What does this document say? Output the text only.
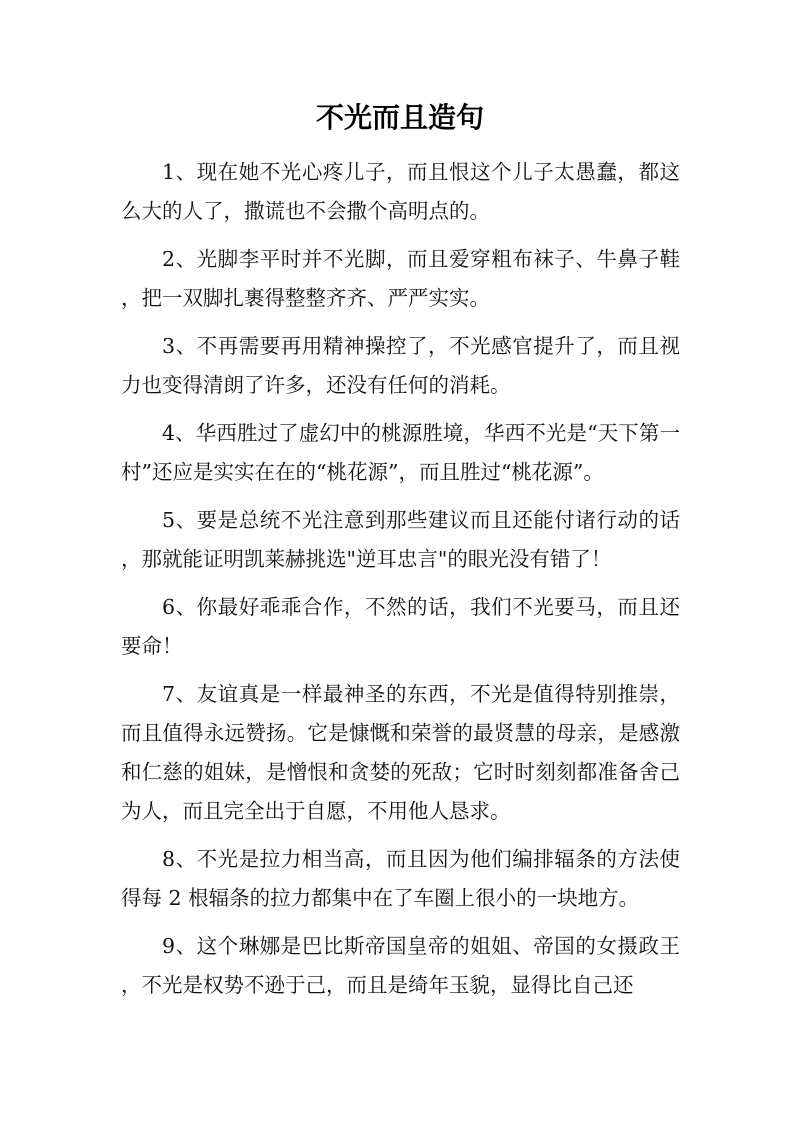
不光而且造句

1、现在她不光心疼儿子，而且恨这个儿子太愚蠢，都这么大的人了，撒谎也不会撒个高明点的。

2、光脚李平时并不光脚，而且爱穿粗布袜子、牛鼻子鞋，把一双脚扎裹得整整齐齐、严严实实。

3、不再需要再用精神操控了，不光感官提升了，而且视力也变得清朗了许多，还没有任何的消耗。

4、华西胜过了虚幻中的桃源胜境，华西不光是“天下第一村”还应是实实在在的“桃花源”，而且胜过“桃花源”。

5、要是总统不光注意到那些建议而且还能付诸行动的话，那就能证明凯莱赫挑选"逆耳忠言"的眼光没有错了！

6、你最好乖乖合作，不然的话，我们不光要马，而且还要命！

7、友谊真是一样最神圣的东西，不光是值得特别推崇，而且值得永远赞扬。它是慷慨和荣誉的最贤慧的母亲，是感激和仁慈的姐妹，是憎恨和贪婪的死敌；它时时刻刻都准备舍己为人，而且完全出于自愿，不用他人恳求。

8、不光是拉力相当高，而且因为他们编排辐条的方法使得每 2 根辐条的拉力都集中在了车圈上很小的一块地方。

9、这个琳娜是巴比斯帝国皇帝的姐姐、帝国的女摄政王，不光是权势不逊于己，而且是绮年玉貌，显得比自己还
